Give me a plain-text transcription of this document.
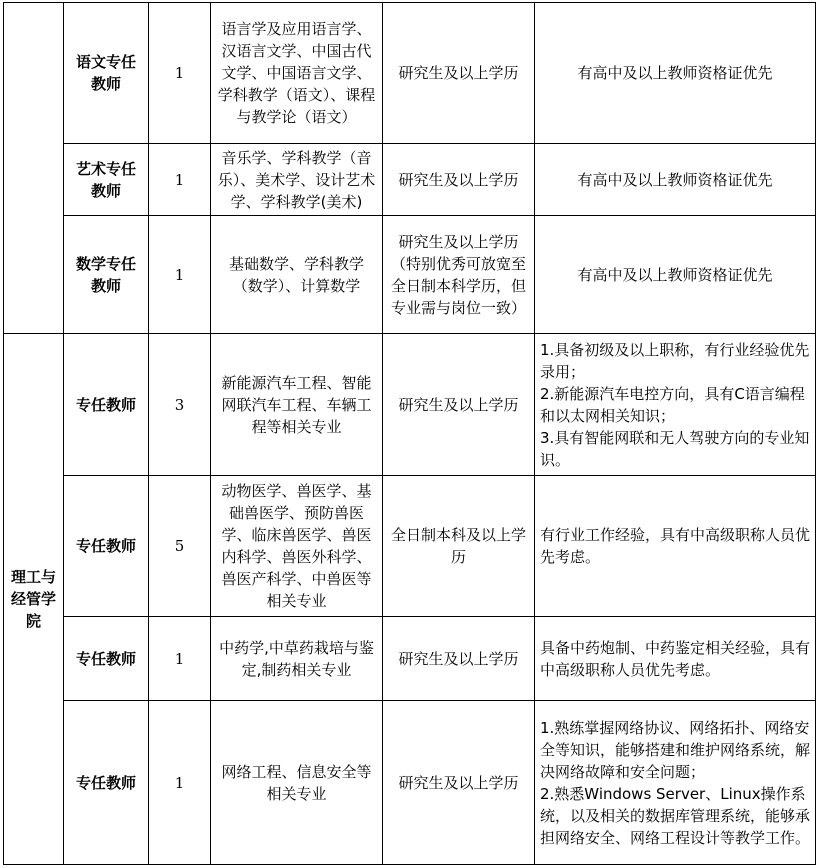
	语文专任教师	1	语言学及应用语言学、汉语言文学、中国古代文学、中国语言文学、学科教学（语文）、课程与教学论（语文）	研究生及以上学历	有高中及以上教师资格证优先

	艺术专任教师	1	音乐学、学科教学（音乐）、美术学、设计艺术学、学科教学(美术)	研究生及以上学历	有高中及以上教师资格证优先

	数学专任教师	1	基础数学、学科教学（数学）、计算数学	研究生及以上学历（特别优秀可放宽至全日制本科学历，但专业需与岗位一致）	有高中及以上教师资格证优先

理工与经管学院	专任教师	3	新能源汽车工程、智能网联汽车工程、车辆工程等相关专业	研究生及以上学历	1.具备初级及以上职称，有行业经验优先录用；
2.新能源汽车电控方向，具有C语言编程和以太网相关知识；
3.具有智能网联和无人驾驶方向的专业知识。

	专任教师	5	动物医学、兽医学、基础兽医学、预防兽医学、临床兽医学、兽医内科学、兽医外科学、兽医产科学、中兽医等相关专业	全日制本科及以上学历	有行业工作经验，具有中高级职称人员优先考虑。

	专任教师	1	中药学,中草药栽培与鉴定,制药相关专业	研究生及以上学历	具备中药炮制、中药鉴定相关经验，具有中高级职称人员优先考虑。

	专任教师	1	网络工程、信息安全等相关专业	研究生及以上学历	1.熟练掌握网络协议、网络拓扑、网络安全等知识，能够搭建和维护网络系统，解决网络故障和安全问题；
2.熟悉Windows Server、Linux操作系统，以及相关的数据库管理系统，能够承担网络安全、网络工程设计等教学工作。
